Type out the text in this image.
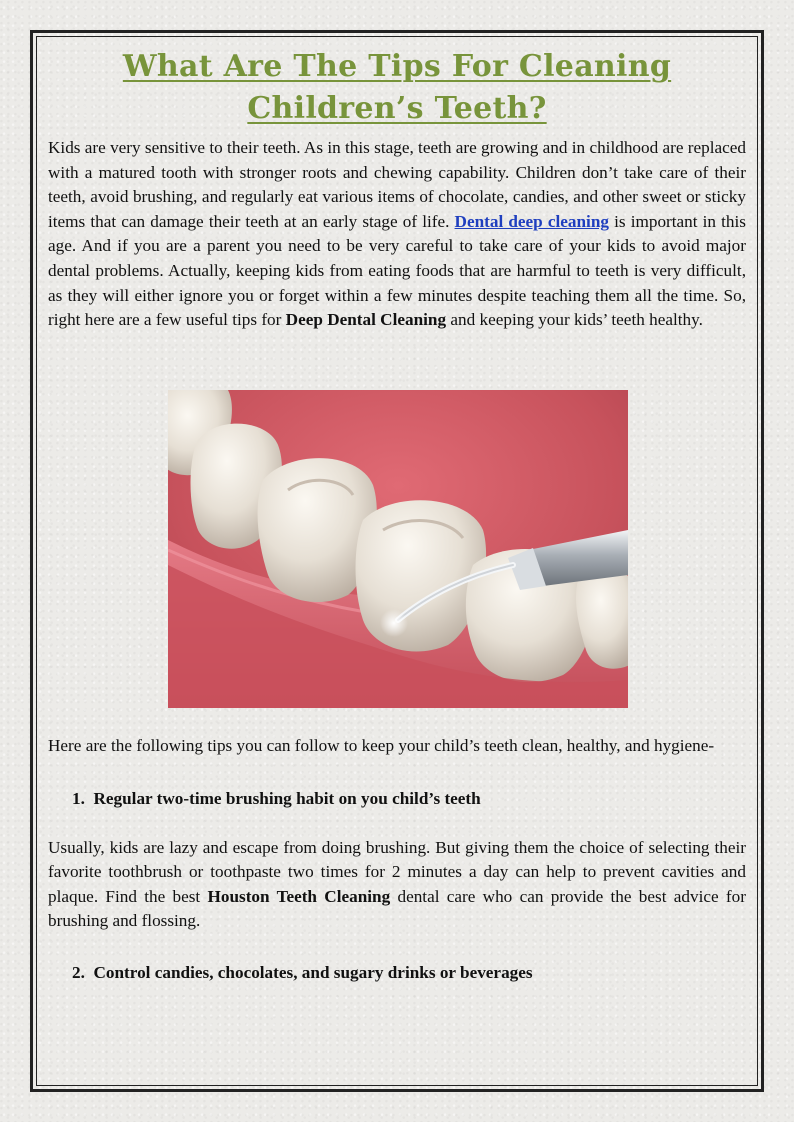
What Are The Tips For Cleaning Children’s Teeth?

Kids are very sensitive to their teeth. As in this stage, teeth are growing and in childhood are replaced with a matured tooth with stronger roots and chewing capability. Children don’t take care of their teeth, avoid brushing, and regularly eat various items of chocolate, candies, and other sweet or sticky items that can damage their teeth at an early stage of life. Dental deep cleaning is important in this age. And if you are a parent you need to be very careful to take care of your kids to avoid major dental problems. Actually, keeping kids from eating foods that are harmful to teeth is very difficult, as they will either ignore you or forget within a few minutes despite teaching them all the time. So, right here are a few useful tips for Deep Dental Cleaning and keeping your kids’ teeth healthy.

Here are the following tips you can follow to keep your child’s teeth clean, healthy, and hygiene-

1. Regular two-time brushing habit on you child’s teeth

Usually, kids are lazy and escape from doing brushing. But giving them the choice of selecting their favorite toothbrush or toothpaste two times for 2 minutes a day can help to prevent cavities and plaque. Find the best Houston Teeth Cleaning dental care who can provide the best advice for brushing and flossing.

2. Control candies, chocolates, and sugary drinks or beverages
